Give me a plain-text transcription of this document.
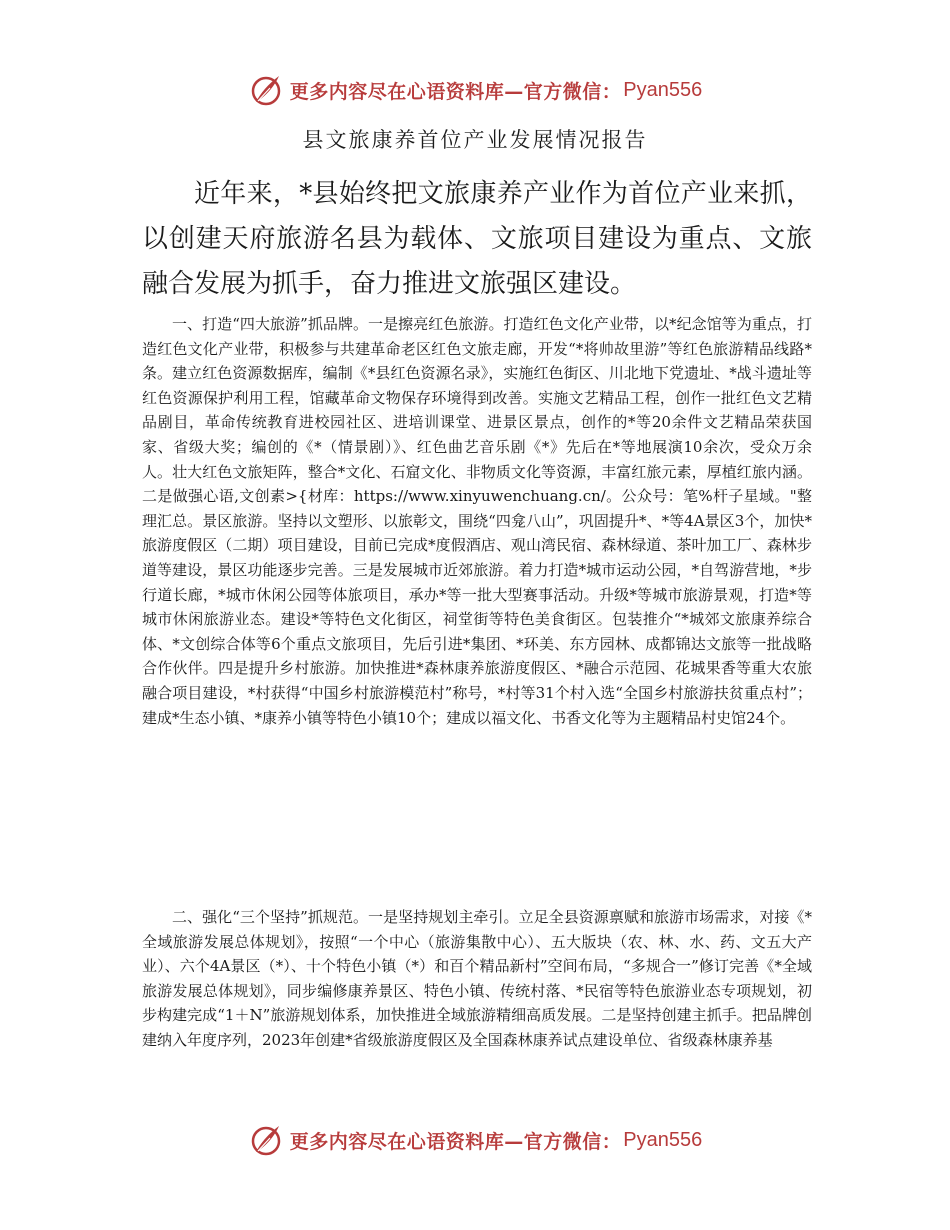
更多内容尽在心语资料库—官方微信： Pyan556
县文旅康养首位产业发展情况报告

近年来，*县始终把文旅康养产业作为首位产业来抓，以创建天府旅游名县为载体、文旅项目建设为重点、文旅融合发展为抓手，奋力推进文旅强区建设。

一、打造“四大旅游”抓品牌。一是擦亮红色旅游。打造红色文化产业带，以*纪念馆等为重点，打造红色文化产业带，积极参与共建革命老区红色文旅走廊，开发“*将帅故里游”等红色旅游精品线路*条。建立红色资源数据库，编制《*县红色资源名录》，实施红色街区、川北地下党遗址、*战斗遗址等红色资源保护利用工程，馆藏革命文物保存环境得到改善。实施文艺精品工程，创作一批红色文艺精品剧目，革命传统教育进校园社区、进培训课堂、进景区景点，创作的*等20余件文艺精品荣获国家、省级大奖；编创的《*（情景剧）》、红色曲艺音乐剧《*》先后在*等地展演10余次，受众万余人。壮大红色文旅矩阵，整合*文化、石窟文化、非物质文化等资源，丰富红旅元素，厚植红旅内涵。二是做强心语,文创素>{材库：https://www.xinyuwenchuang.cn/。公众号：笔%杆子星域。"整理汇总。景区旅游。坚持以文塑形、以旅彰文，围绕“四龛八山”，巩固提升*、*等4A景区3个，加快*旅游度假区（二期）项目建设，目前已完成*度假酒店、观山湾民宿、森林绿道、茶叶加工厂、森林步道等建设，景区功能逐步完善。三是发展城市近郊旅游。着力打造*城市运动公园，*自驾游营地，*步行道长廊，*城市休闲公园等体旅项目，承办*等一批大型赛事活动。升级*等城市旅游景观，打造*等城市休闲旅游业态。建设*等特色文化街区，祠堂街等特色美食街区。包装推介“*城郊文旅康养综合体、*文创综合体等6个重点文旅项目，先后引进*集团、*环美、东方园林、成都锦达文旅等一批战略合作伙伴。四是提升乡村旅游。加快推进*森林康养旅游度假区、*融合示范园、花城果香等重大农旅融合项目建设，*村获得“中国乡村旅游模范村”称号，*村等31个村入选“全国乡村旅游扶贫重点村”；建成*生态小镇、*康养小镇等特色小镇10个；建成以福文化、书香文化等为主题精品村史馆24个。

二、强化“三个坚持”抓规范。一是坚持规划主牵引。立足全县资源禀赋和旅游市场需求，对接《*全域旅游发展总体规划》，按照“一个中心（旅游集散中心）、五大版块（农、林、水、药、文五大产业）、六个4A景区（*）、十个特色小镇（*）和百个精品新村”空间布局，“多规合一”修订完善《*全域旅游发展总体规划》，同步编修康养景区、特色小镇、传统村落、*民宿等特色旅游业态专项规划，初步构建完成“1＋N”旅游规划体系，加快推进全域旅游精细高质发展。二是坚持创建主抓手。把品牌创建纳入年度序列，2023年创建*省级旅游度假区及全国森林康养试点建设单位、省级森林康养基

更多内容尽在心语资料库—官方微信： Pyan556
